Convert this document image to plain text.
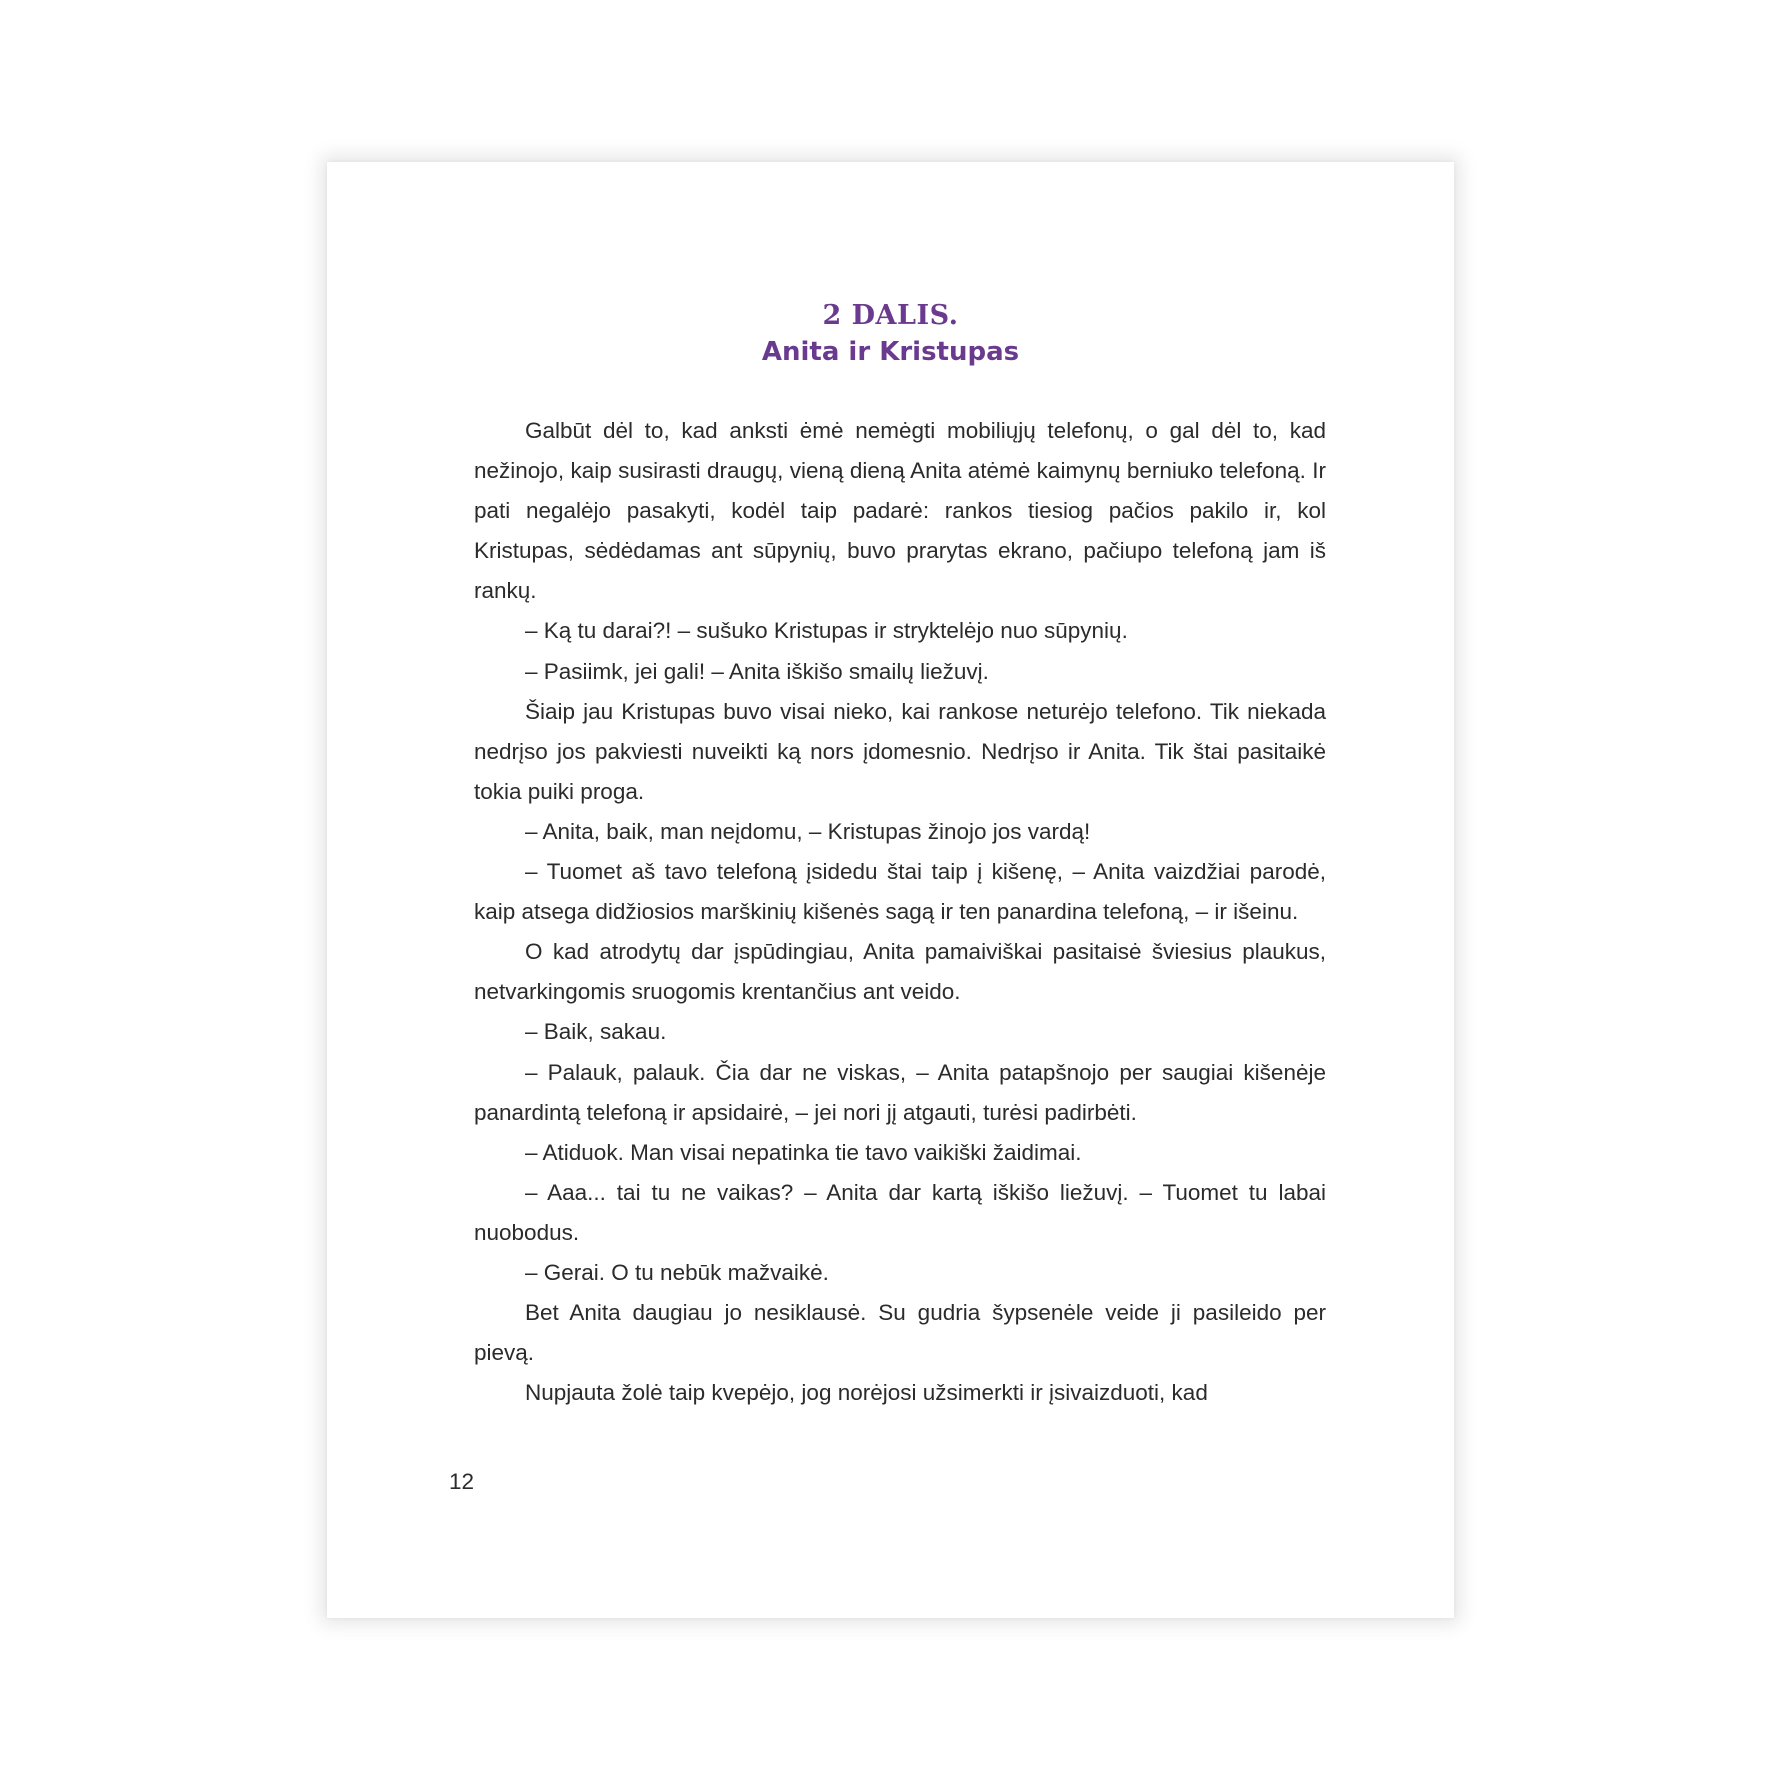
2 DALIS.
Anita ir Kristupas

Galbūt dėl to, kad anksti ėmė nemėgti mobiliųjų telefonų, o gal dėl to, kad nežinojo, kaip susirasti draugų, vieną dieną Anita atėmė kaimynų berniuko telefoną. Ir pati negalėjo pasakyti, kodėl taip padarė: rankos tiesiog pačios pakilo ir, kol Kristupas, sėdėdamas ant sūpynių, buvo prarytas ekrano, pačiupo telefoną jam iš rankų.

– Ką tu darai?! – sušuko Kristupas ir stryktelėjo nuo sūpynių.

– Pasiimk, jei gali! – Anita iškišo smailų liežuvį.

Šiaip jau Kristupas buvo visai nieko, kai rankose neturėjo telefono. Tik niekada nedrįso jos pakviesti nuveikti ką nors įdomesnio. Nedrįso ir Anita. Tik štai pasitaikė tokia puiki proga.

– Anita, baik, man neįdomu, – Kristupas žinojo jos vardą!

– Tuomet aš tavo telefoną įsidedu štai taip į kišenę, – Anita vaizdžiai parodė, kaip atsega didžiosios marškinių kišenės sagą ir ten panardina telefoną, – ir išeinu.

O kad atrodytų dar įspūdingiau, Anita pamaiviškai pasitaisė šviesius plaukus, netvarkingomis sruogomis krentančius ant veido.

– Baik, sakau.

– Palauk, palauk. Čia dar ne viskas, – Anita patapšnojo per saugiai kišenėje panardintą telefoną ir apsidairė, – jei nori jį atgauti, turėsi padirbėti.

– Atiduok. Man visai nepatinka tie tavo vaikiški žaidimai.

– Aaa... tai tu ne vaikas? – Anita dar kartą iškišo liežuvį. – Tuomet tu labai nuobodus.

– Gerai. O tu nebūk mažvaikė.

Bet Anita daugiau jo nesiklausė. Su gudria šypsenėle veide ji pasileido per pievą.

Nupjauta žolė taip kvepėjo, jog norėjosi užsimerkti ir įsivaizduoti, kad

12
